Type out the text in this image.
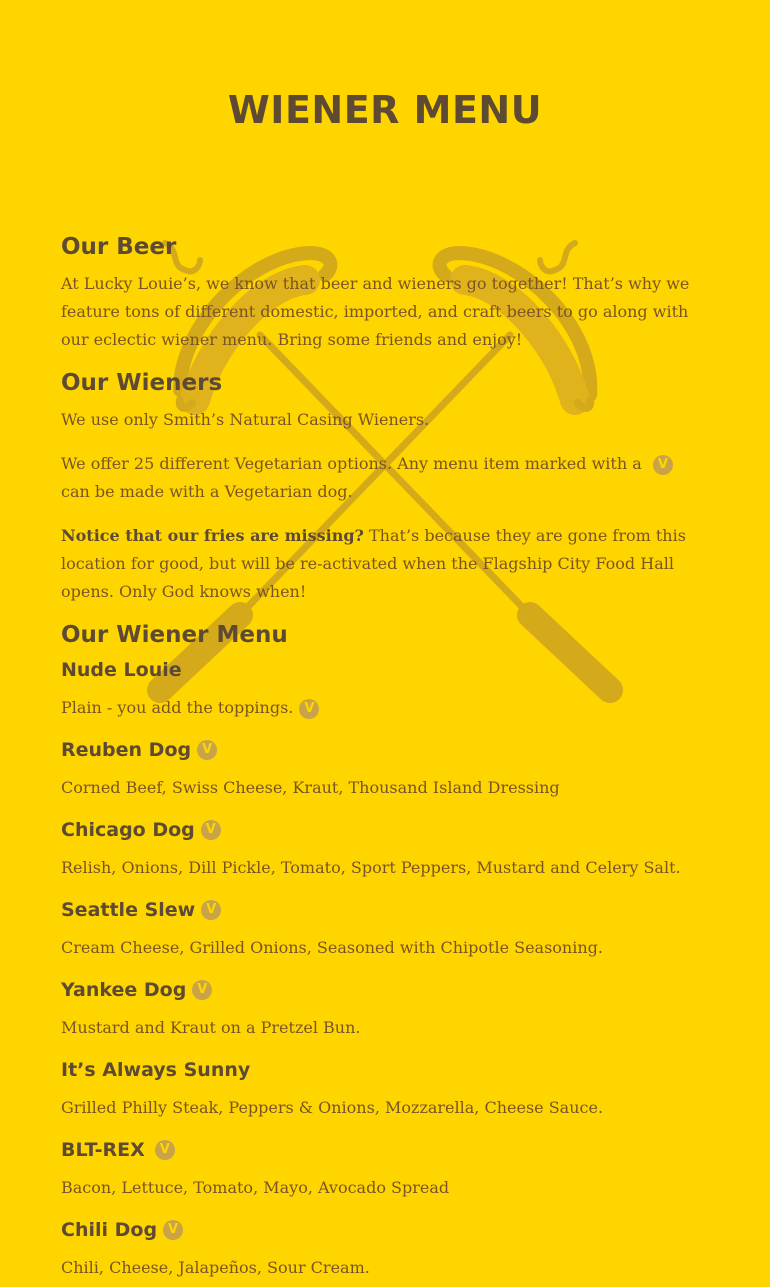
WIENER MENU
Our Beer

At Lucky Louie’s, we know that beer and wieners go together! That’s why we feature tons of different domestic, imported, and craft beers to go along with our eclectic wiener menu. Bring some friends and enjoy!

Our Wieners

We use only Smith’s Natural Casing Wieners.

We offer 25 different Vegetarian options. Any menu item marked with a V can be made with a Vegetarian dog.

Notice that our fries are missing? That’s because they are gone from this location for good, but will be re-activated when the Flagship City Food Hall opens. Only God knows when!

Our Wiener Menu
Nude Louie

Plain - you add the toppings. V

Reuben Dog V

Corned Beef, Swiss Cheese, Kraut, Thousand Island Dressing

Chicago Dog V

Relish, Onions, Dill Pickle, Tomato, Sport Peppers, Mustard and Celery Salt.

Seattle Slew V

Cream Cheese, Grilled Onions, Seasoned with Chipotle Seasoning.

Yankee Dog V

Mustard and Kraut on a Pretzel Bun.

It’s Always Sunny

Grilled Philly Steak, Peppers & Onions, Mozzarella, Cheese Sauce.

BLT-REX	V

Bacon, Lettuce, Tomato, Mayo, Avocado Spread

Chili Dog V

Chili, Cheese, Jalapeños, Sour Cream.
